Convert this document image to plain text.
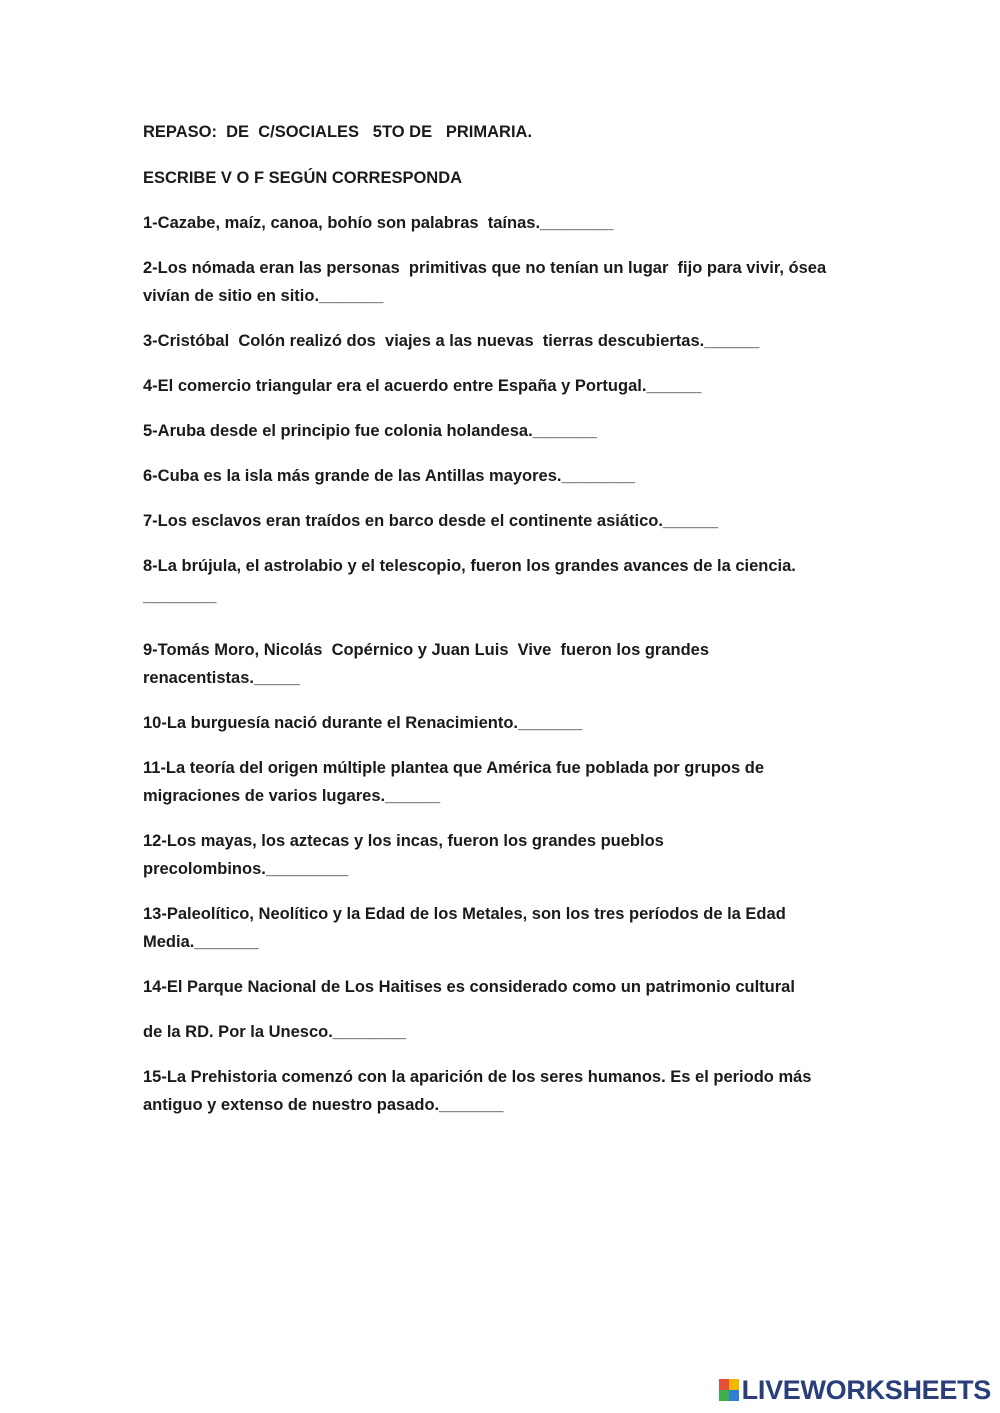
REPASO:  DE  C/SOCIALES   5TO DE   PRIMARIA.

ESCRIBE V O F SEGÚN CORRESPONDA

1-Cazabe, maíz, canoa, bohío son palabras  taínas.________

2-Los nómada eran las personas  primitivas que no tenían un lugar  fijo para vivir, ósea  vivían de sitio en sitio._______

3-Cristóbal  Colón realizó dos  viajes a las nuevas  tierras descubiertas.______

4-El comercio triangular era el acuerdo entre España y Portugal.______

5-Aruba desde el principio fue colonia holandesa._______

6-Cuba es la isla más grande de las Antillas mayores.________

7-Los esclavos eran traídos en barco desde el continente asiático.______

8-La brújula, el astrolabio y el telescopio, fueron los grandes avances de la ciencia.

________

9-Tomás Moro, Nicolás  Copérnico y Juan Luis  Vive  fueron los grandes renacentistas._____

10-La burguesía nació durante el Renacimiento._______

11-La teoría del origen múltiple plantea que América fue poblada por grupos de migraciones de varios lugares.______

12-Los mayas, los aztecas y los incas, fueron los grandes pueblos precolombinos._________

13-Paleolítico, Neolítico y la Edad de los Metales, son los tres períodos de la Edad Media._______

14-El Parque Nacional de Los Haitises es considerado como un patrimonio cultural

de la RD. Por la Unesco.________

15-La Prehistoria comenzó con la aparición de los seres humanos. Es el periodo más antiguo y extenso de nuestro pasado._______

LIVEWORKSHEETS
